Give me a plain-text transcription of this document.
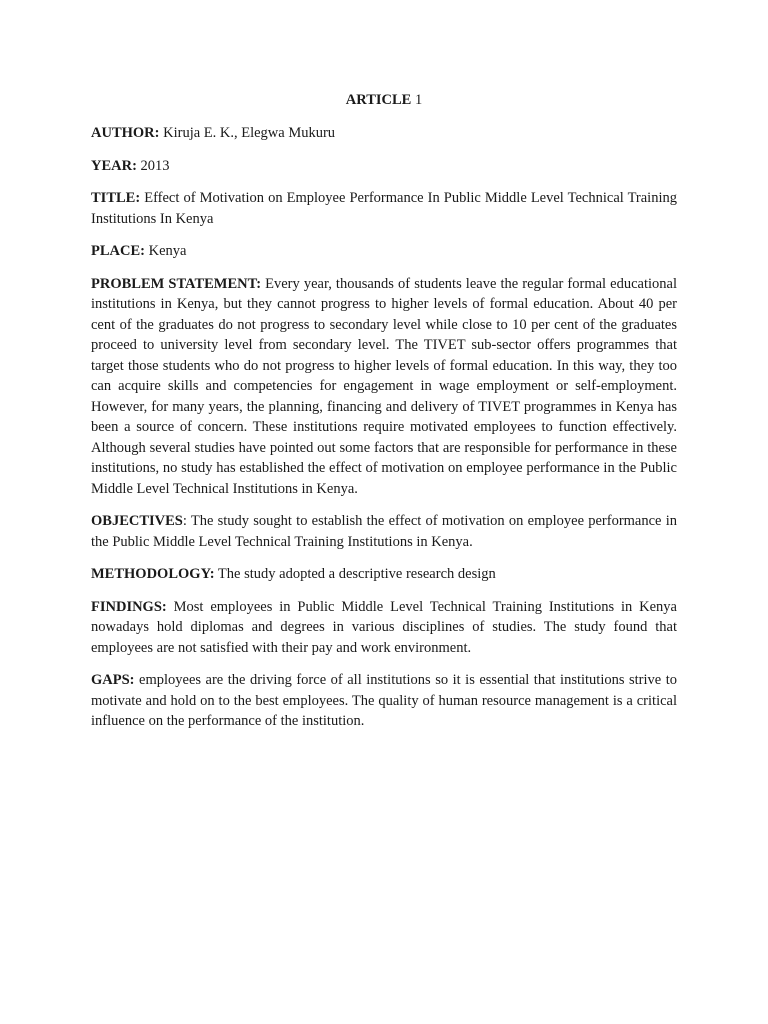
ARTICLE 1

AUTHOR: Kiruja E. K., Elegwa Mukuru

YEAR: 2013

TITLE: Effect of Motivation on Employee Performance In Public Middle Level Technical Training Institutions In Kenya

PLACE: Kenya

PROBLEM STATEMENT: Every year, thousands of students leave the regular formal educational institutions in Kenya, but they cannot progress to higher levels of formal education. About 40 per cent of the graduates do not progress to secondary level while close to 10 per cent of the graduates proceed to university level from secondary level. The TIVET sub-sector offers programmes that target those students who do not progress to higher levels of formal education. In this way, they too can acquire skills and competencies for engagement in wage employment or self-employment. However, for many years, the planning, financing and delivery of TIVET programmes in Kenya has been a source of concern. These institutions require motivated employees to function effectively. Although several studies have pointed out some factors that are responsible for performance in these institutions, no study has established the effect of motivation on employee performance in the Public Middle Level Technical Institutions in Kenya.

OBJECTIVES: The study sought to establish the effect of motivation on employee performance in the Public Middle Level Technical Training Institutions in Kenya.

METHODOLOGY: The study adopted a descriptive research design

FINDINGS: Most employees in Public Middle Level Technical Training Institutions in Kenya nowadays hold diplomas and degrees in various disciplines of studies. The study found that employees are not satisfied with their pay and work environment.

GAPS: employees are the driving force of all institutions so it is essential that institutions strive to motivate and hold on to the best employees. The quality of human resource management is a critical influence on the performance of the institution.
